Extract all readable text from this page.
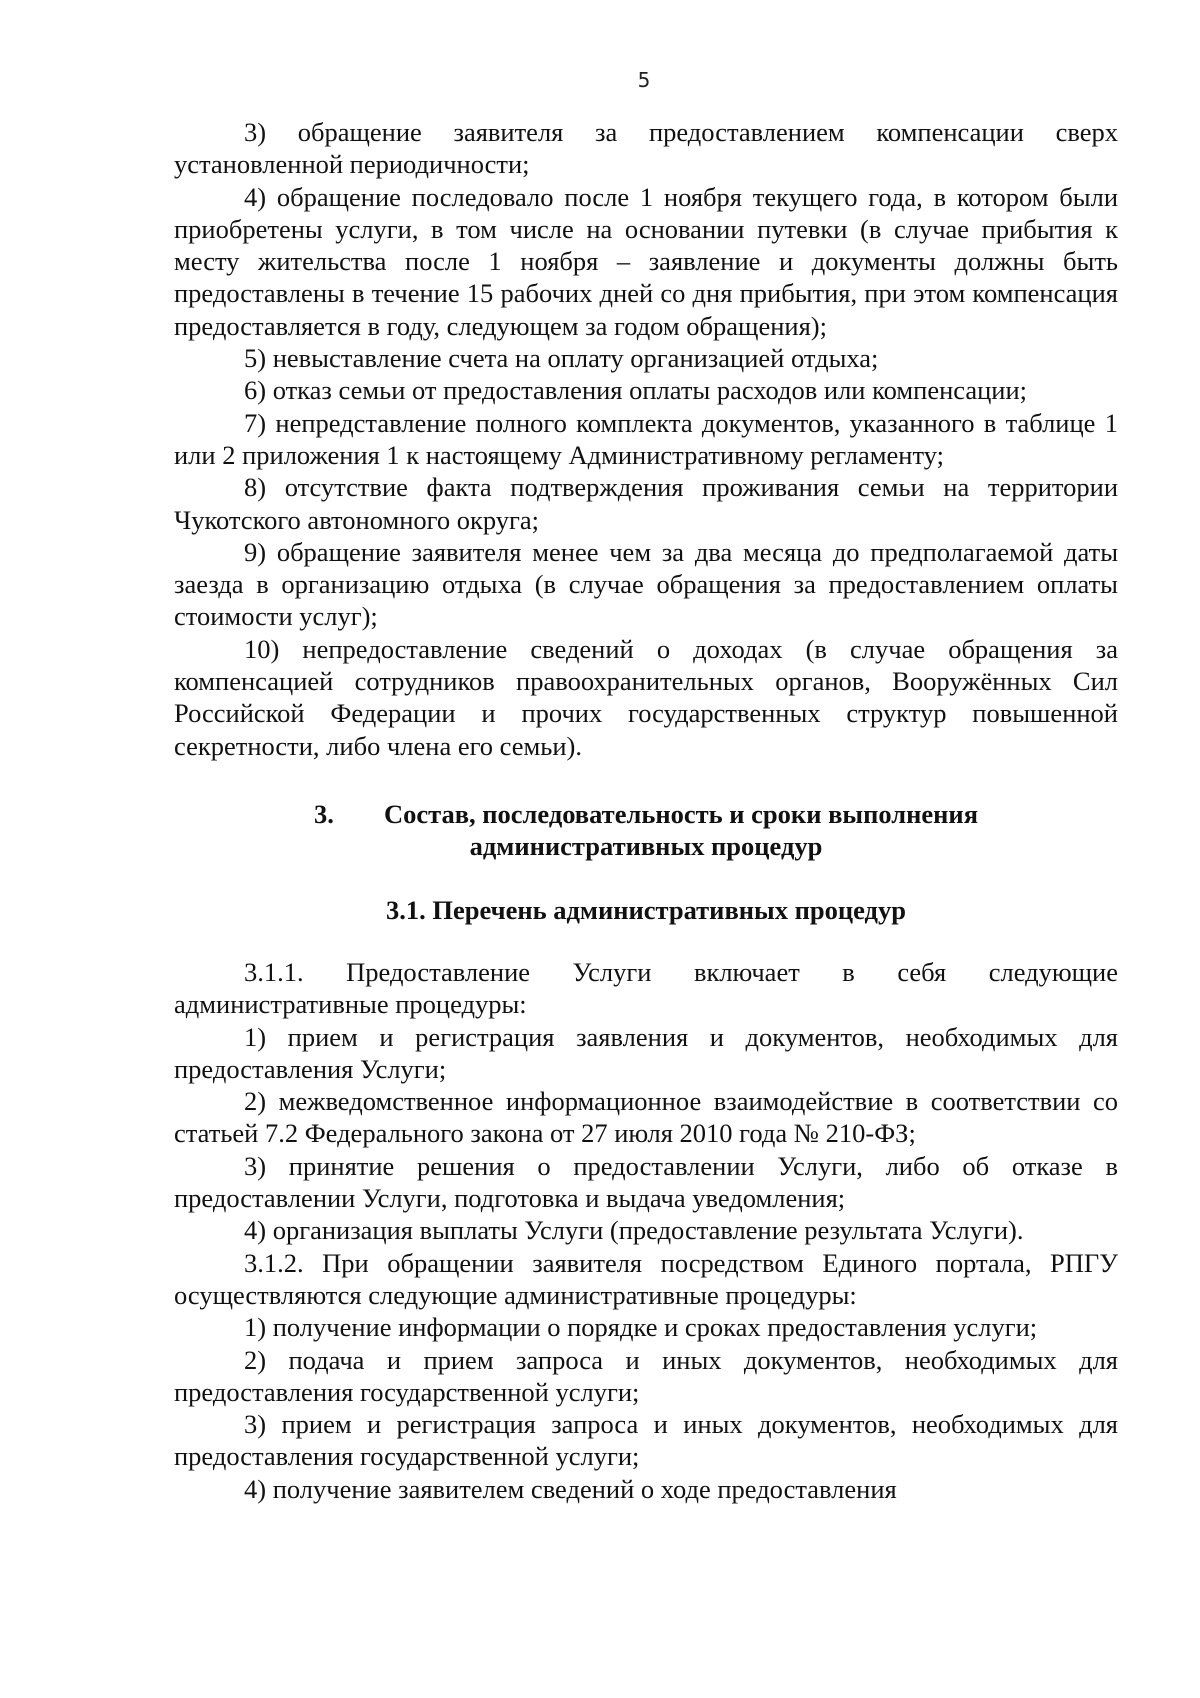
5

3) обращение заявителя за предоставлением компенсации сверх установленной периодичности;

4) обращение последовало после 1 ноября текущего года, в котором были приобретены услуги, в том числе на основании путевки (в случае прибытия к месту жительства после 1 ноября – заявление и документы должны быть предоставлены в течение 15 рабочих дней со дня прибытия, при этом компенсация предоставляется в году, следующем за годом обращения);

5) невыставление счета на оплату организацией отдыха;

6) отказ семьи от предоставления оплаты расходов или компенсации;

7) непредставление полного комплекта документов, указанного в таблице 1 или 2 приложения 1 к настоящему Административному регламенту;

8) отсутствие факта подтверждения проживания семьи на территории Чукотского автономного округа;

9) обращение заявителя менее чем за два месяца до предполагаемой даты заезда в организацию отдыха (в случае обращения за предоставлением оплаты стоимости услуг);

10) непредоставление сведений о доходах (в случае обращения за компенсацией сотрудников правоохранительных органов, Вооружённых Сил Российской Федерации и прочих государственных структур повышенной секретности, либо члена его семьи).

3. Состав, последовательность и сроки выполнения
административных процедур
3.1. Перечень административных процедур

3.1.1. Предоставление Услуги включает в себя следующие административные процедуры:

1) прием и регистрация заявления и документов, необходимых для предоставления Услуги;

2) межведомственное информационное взаимодействие в соответствии со статьей 7.2 Федерального закона от 27 июля 2010 года № 210-ФЗ;

3) принятие решения о предоставлении Услуги, либо об отказе в предоставлении Услуги, подготовка и выдача уведомления;

4) организация выплаты Услуги (предоставление результата Услуги).

3.1.2. При обращении заявителя посредством Единого портала, РПГУ осуществляются следующие административные процедуры:

1) получение информации о порядке и сроках предоставления услуги;

2) подача и прием запроса и иных документов, необходимых для предоставления государственной услуги;

3) прием и регистрация запроса и иных документов, необходимых для предоставления государственной услуги;

4) получение заявителем сведений о ходе предоставления
